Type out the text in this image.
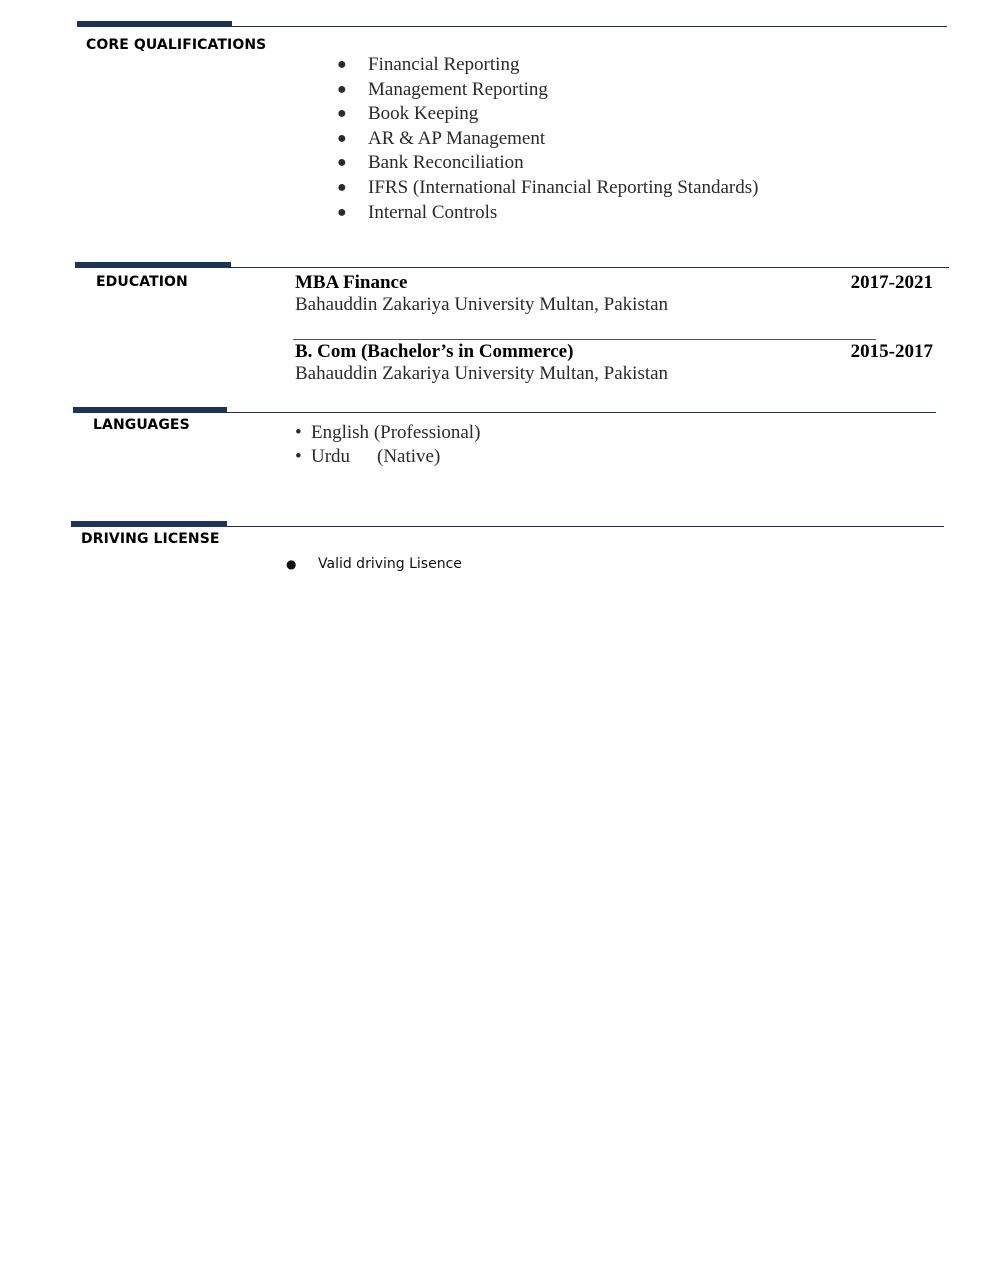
CORE QUALIFICATIONS
● Financial Reporting
● Management Reporting
● Book Keeping
● AR & AP Management
● Bank Reconciliation
● IFRS (International Financial Reporting Standards)
● Internal Controls
EDUCATION	MBA Finance	2017-2021
Bahauddin Zakariya University Multan, Pakistan
B. Com (Bachelor’s in Commerce)	2015-2017
Bahauddin Zakariya University Multan, Pakistan
LANGUAGES	• English (Professional)
• Urdu (Native)
DRIVING LICENSE
● Valid driving Lisence
